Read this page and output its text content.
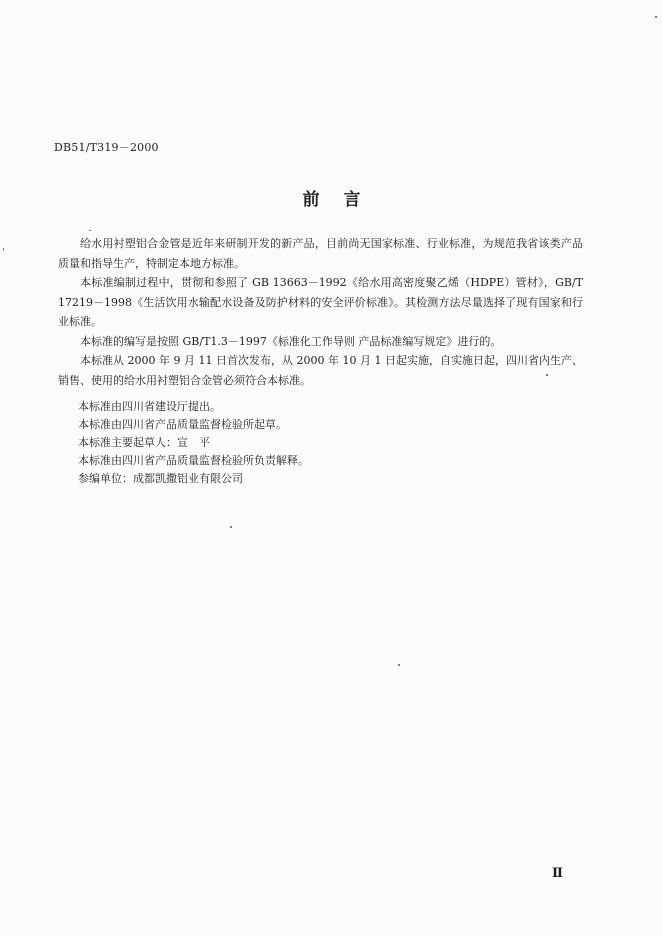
DB51/T319－2000
前言

给水用衬塑铝合金管是近年来研制开发的新产品，目前尚无国家标准、行业标准，为规范我省该类产品质量和指导生产，特制定本地方标准。

本标准编制过程中，贯彻和参照了 GB 13663－1992《给水用高密度聚乙烯（HDPE）管材》，GB/T 17219－1998《生活饮用水输配水设备及防护材料的安全评价标准》。其检测方法尽量选择了现有国家和行业标准。

本标准的编写是按照 GB/T1.3－1997《标准化工作导则 产品标准编写规定》进行的。

本标准从 2000 年 9 月 11 日首次发布，从 2000 年 10 月 1 日起实施，自实施日起，四川省内生产、销售、使用的给水用衬塑铝合金管必须符合本标准。

本标准由四川省建设厅提出。
本标准由四川省产品质量监督检验所起草。
本标准主要起草人：宣　平
本标准由四川省产品质量监督检验所负责解释。
参编单位：成都凯撒铝业有限公司
Ⅱ
